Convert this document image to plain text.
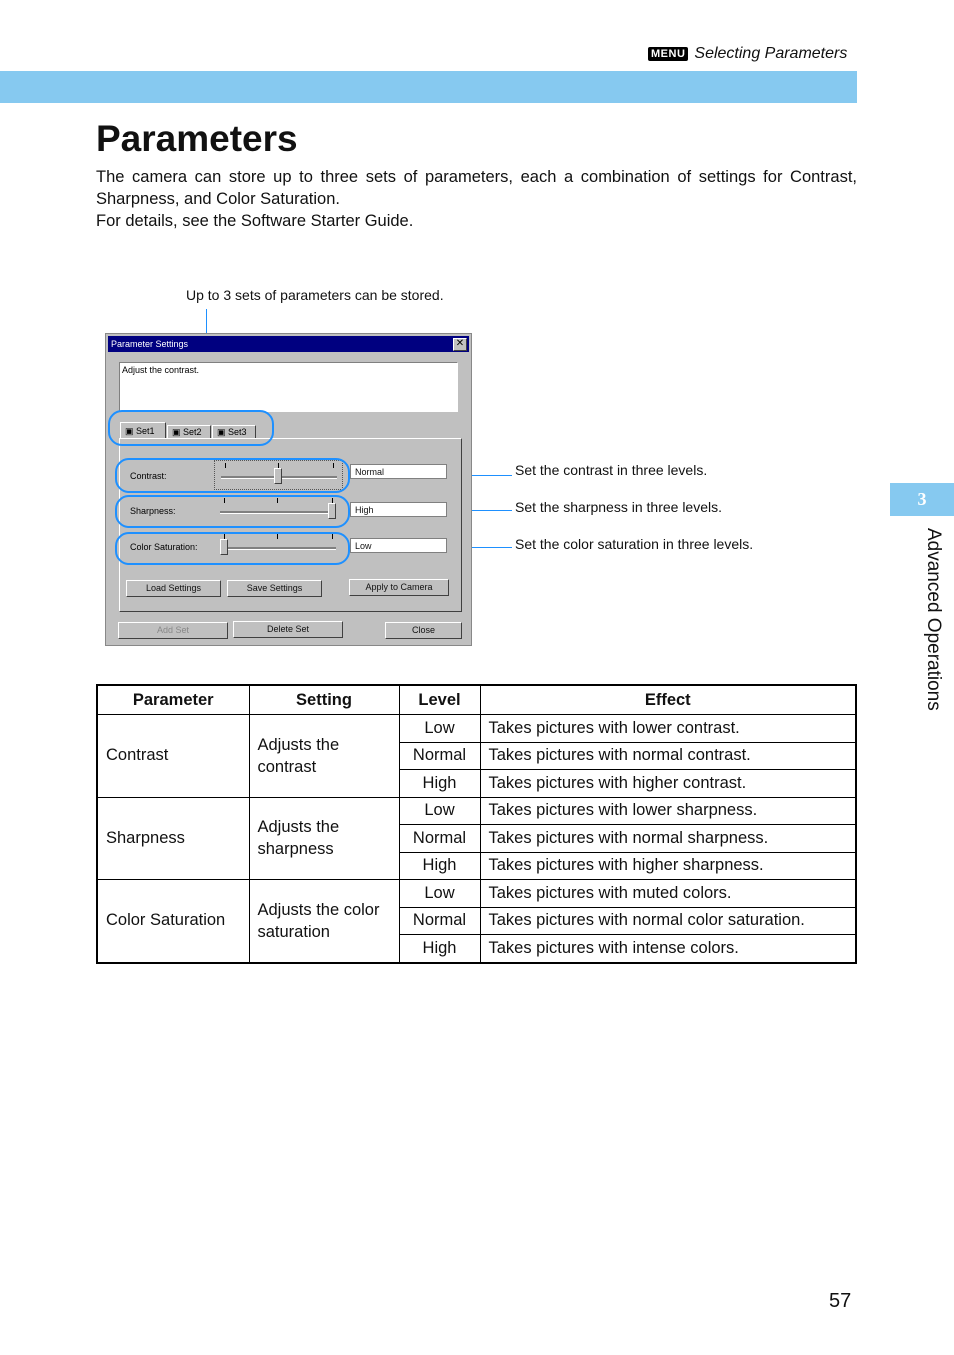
MENU Selecting Parameters
Parameters

The camera can store up to three sets of parameters, each a combination of settings for Contrast, Sharpness, and Color Saturation.

For details, see the Software Starter Guide.

Up to 3 sets of parameters can be stored.
Set the contrast in three levels.
Set the sharpness in three levels.
Set the color saturation in three levels.
Parameter Settings	✕
Adjust the contrast.
▣ Set1	▣ Set2	▣ Set3
Contrast:	Normal
Sharpness:	High
Color Saturation:	Low
Load Settings	Save Settings	Apply to Camera
Add Set	Delete Set	Close
Parameter	Setting	Level	Effect
Contrast	Adjusts the contrast	Low	Takes pictures with lower contrast.
		Normal	Takes pictures with normal contrast.
		High	Takes pictures with higher contrast.
Sharpness	Adjusts the sharpness	Low	Takes pictures with lower sharpness.
		Normal	Takes pictures with normal sharpness.
		High	Takes pictures with higher sharpness.
Color Saturation	Adjusts the color saturation	Low	Takes pictures with muted colors.
		Normal	Takes pictures with normal color saturation.
		High	Takes pictures with intense colors.
3
Advanced Operations
57
